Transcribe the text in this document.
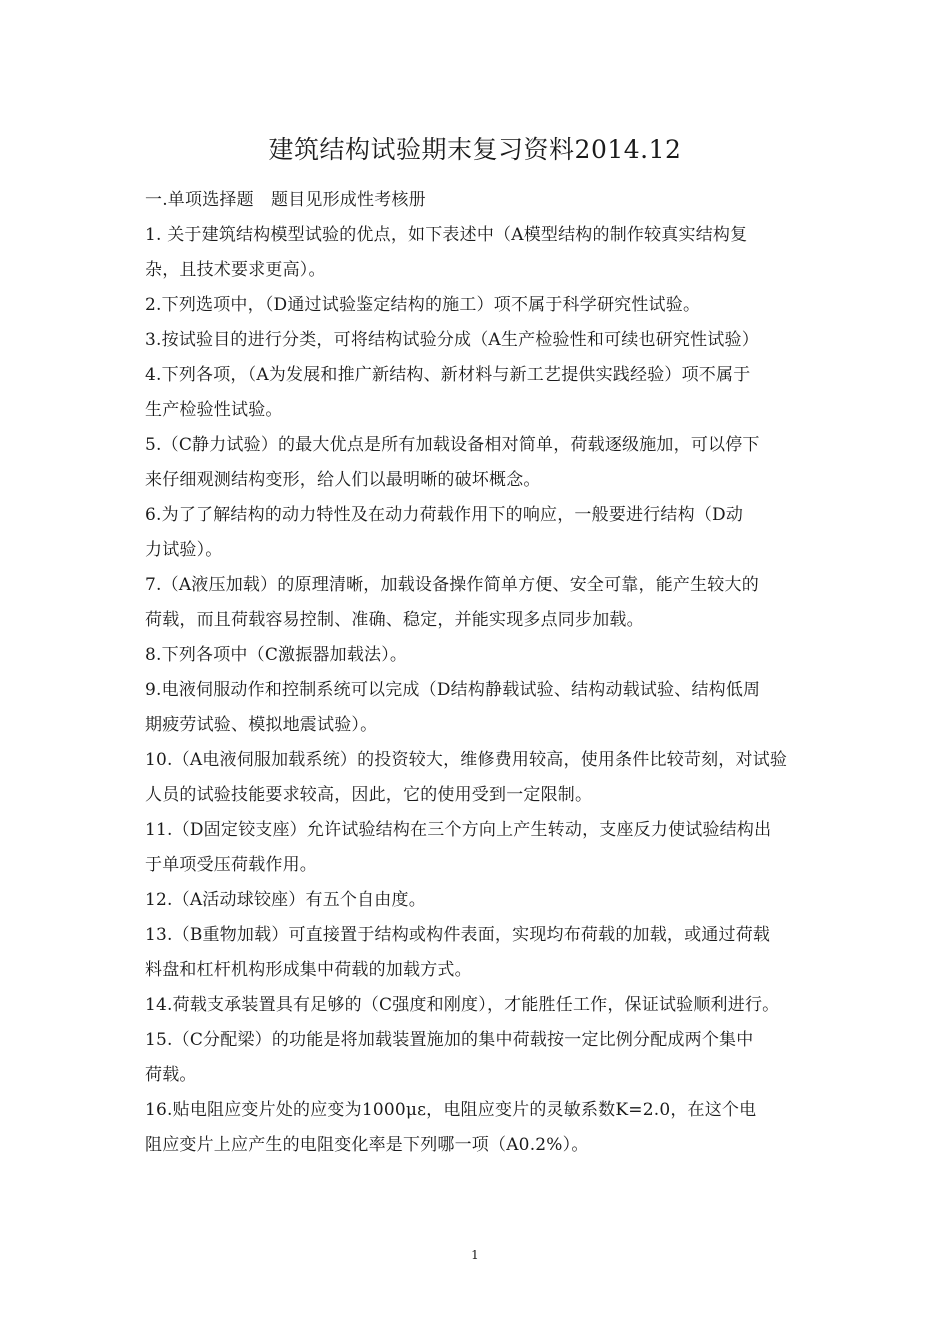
建筑结构试验期末复习资料2014.12
一.单项选择题　题目见形成性考核册
1. 关于建筑结构模型试验的优点，如下表述中（A模型结构的制作较真实结构复
杂，且技术要求更高）。
2.下列选项中，（D通过试验鉴定结构的施工）项不属于科学研究性试验。
3.按试验目的进行分类，可将结构试验分成（A生产检验性和可续也研究性试验）
4.下列各项，（A为发展和推广新结构、新材料与新工艺提供实践经验）项不属于
生产检验性试验。
5.（C静力试验）的最大优点是所有加载设备相对简单，荷载逐级施加，可以停下
来仔细观测结构变形，给人们以最明晰的破坏概念。
6.为了了解结构的动力特性及在动力荷载作用下的响应，一般要进行结构（D动
力试验）。
7.（A液压加载）的原理清晰，加载设备操作简单方便、安全可靠，能产生较大的
荷载，而且荷载容易控制、准确、稳定，并能实现多点同步加载。
8.下列各项中（C激振器加载法）。
9.电液伺服动作和控制系统可以完成（D结构静载试验、结构动载试验、结构低周
期疲劳试验、模拟地震试验）。
10.（A电液伺服加载系统）的投资较大，维修费用较高，使用条件比较苛刻，对试验
人员的试验技能要求较高，因此，它的使用受到一定限制。
11.（D固定铰支座）允许试验结构在三个方向上产生转动，支座反力使试验结构出
于单项受压荷载作用。
12.（A活动球铰座）有五个自由度。
13.（B重物加载）可直接置于结构或构件表面，实现均布荷载的加载，或通过荷载
料盘和杠杆机构形成集中荷载的加载方式。
14.荷载支承装置具有足够的（C强度和刚度），才能胜任工作，保证试验顺利进行。
15.（C分配梁）的功能是将加载装置施加的集中荷载按一定比例分配成两个集中
荷载。
16.贴电阻应变片处的应变为1000με，电阻应变片的灵敏系数K=2.0，在这个电
阻应变片上应产生的电阻变化率是下列哪一项（A0.2%）。
1
